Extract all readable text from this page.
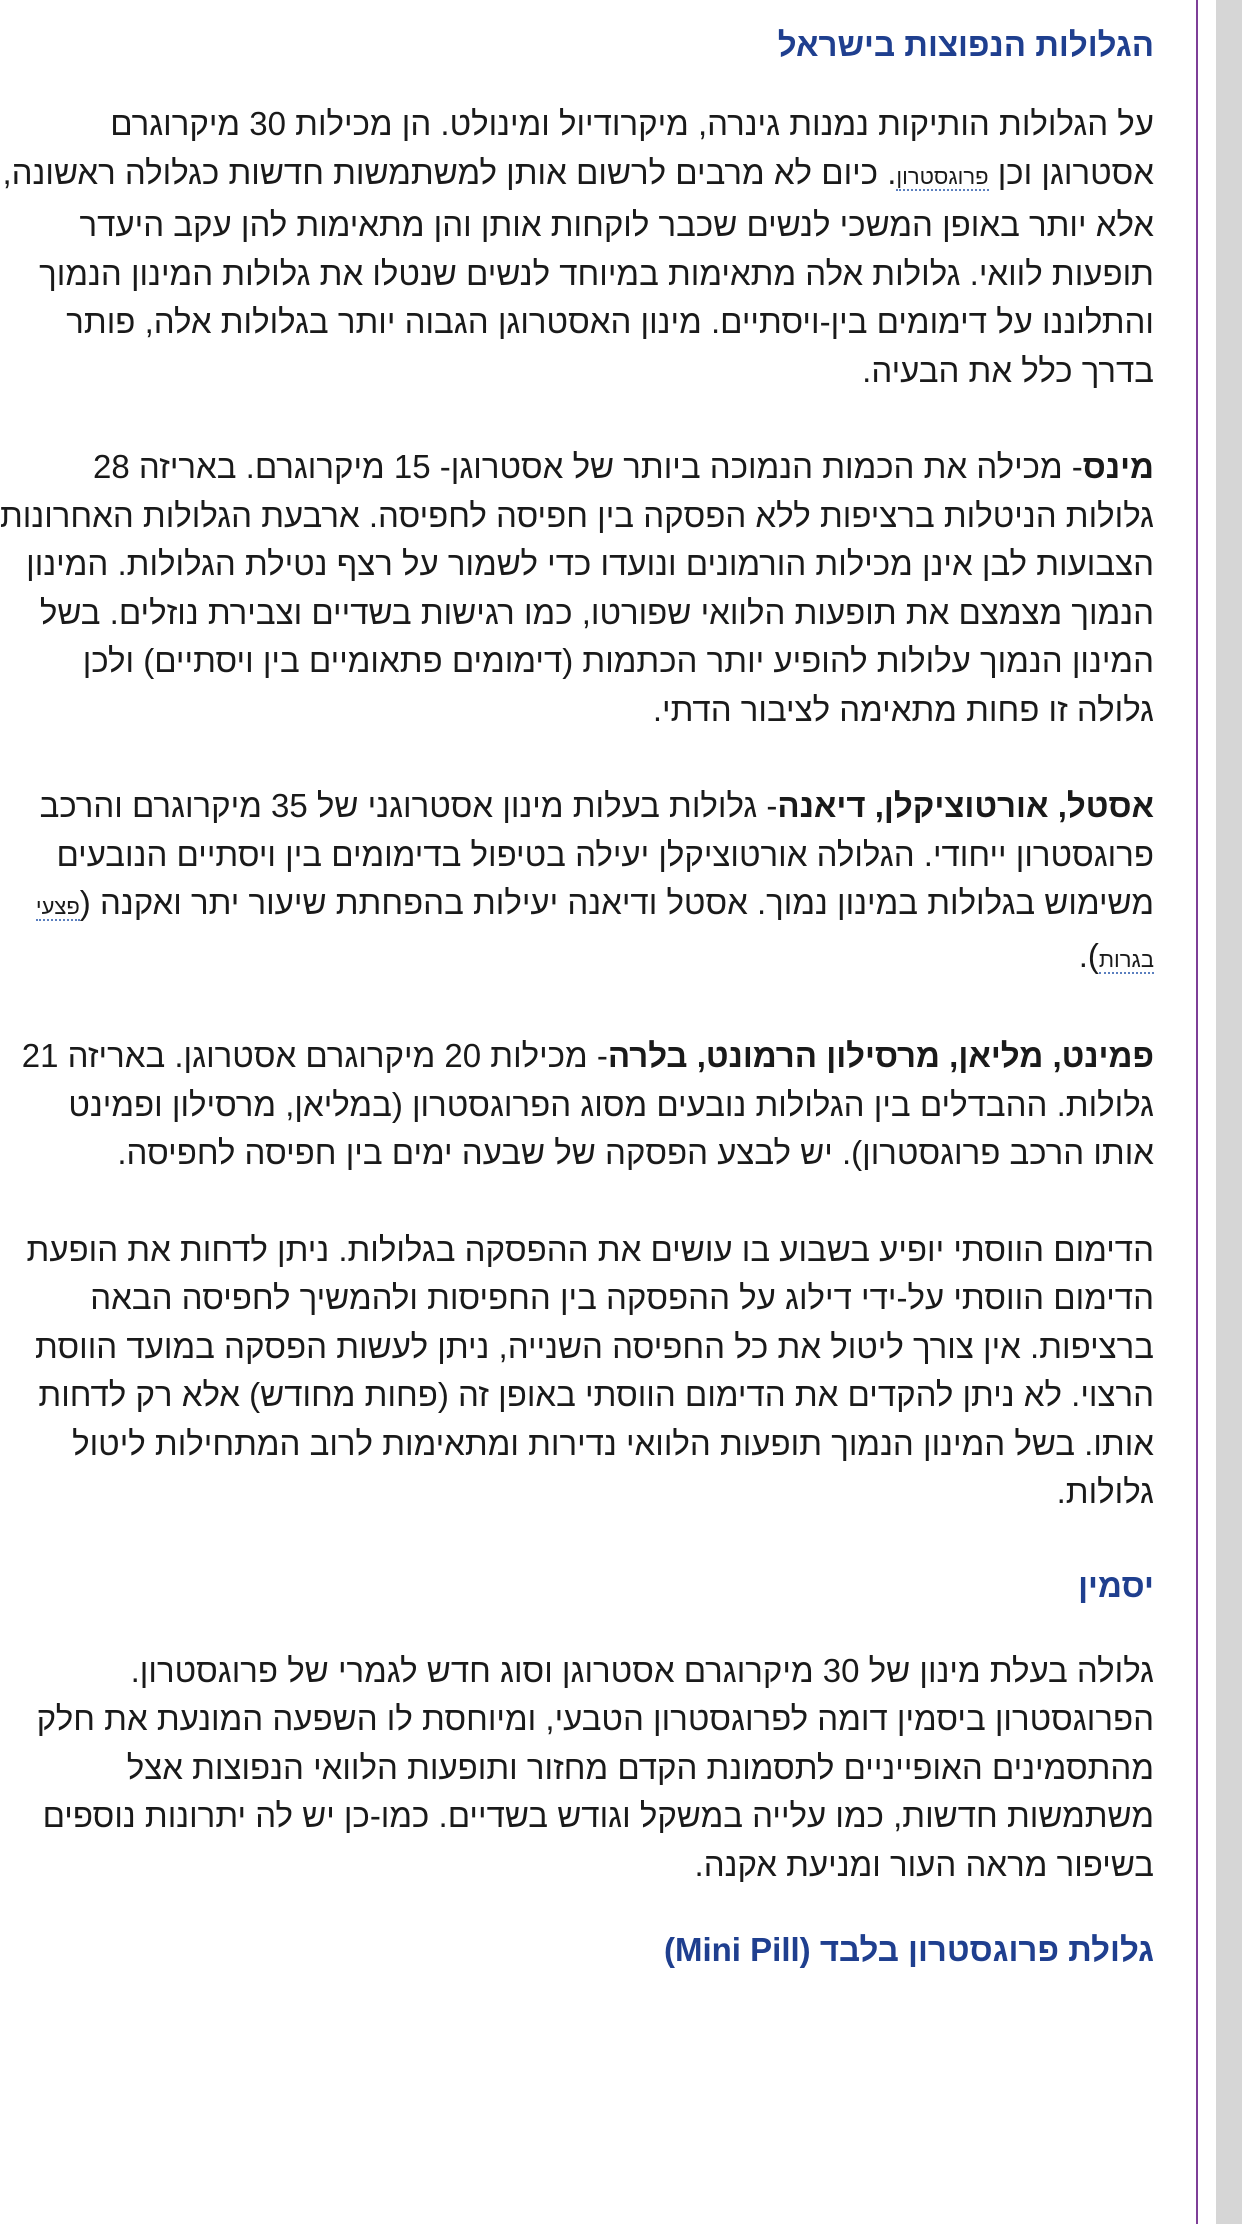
הגלולות הנפוצות בישראל

על הגלולות הותיקות נמנות גינרה, מיקרודיול ומינולט. הן מכילות 30 מיקרוגרם אסטרוגן וכן פרוגסטרון. כיום לא מרבים לרשום אותן למשתמשות חדשות כגלולה ראשונה, אלא יותר באופן המשכי לנשים שכבר לוקחות אותן והן מתאימות להן עקב היעדר תופעות לוואי. גלולות אלה מתאימות במיוחד לנשים שנטלו את גלולות המינון הנמוך והתלוננו על דימומים בין-ויסתיים. מינון האסטרוגן הגבוה יותר בגלולות אלה, פותר בדרך כלל את הבעיה.

מינס- מכילה את הכמות הנמוכה ביותר של אסטרוגן- 15 מיקרוגרם. באריזה 28 גלולות הניטלות ברציפות ללא הפסקה בין חפיסה לחפיסה. ארבעת הגלולות האחרונות הצבועות לבן אינן מכילות הורמונים ונועדו כדי לשמור על רצף נטילת הגלולות. המינון הנמוך מצמצם את תופעות הלוואי שפורטו, כמו רגישות בשדיים וצבירת נוזלים. בשל המינון הנמוך עלולות להופיע יותר הכתמות (דימומים פתאומיים בין ויסתיים) ולכן גלולה זו פחות מתאימה לציבור הדתי.

אסטל, אורטוציקלן, דיאנה- גלולות בעלות מינון אסטרוגני של 35 מיקרוגרם והרכב פרוגסטרון ייחודי. הגלולה אורטוציקלן יעילה בטיפול בדימומים בין ויסתיים הנובעים משימוש בגלולות במינון נמוך. אסטל ודיאנה יעילות בהפחתת שיעור יתר ואקנה (פצעי בגרות).

פמינט, מליאן, מרסילון הרמונט, בלרה- מכילות 20 מיקרוגרם אסטרוגן. באריזה 21 גלולות. ההבדלים בין הגלולות נובעים מסוג הפרוגסטרון (במליאן, מרסילון ופמינט אותו הרכב פרוגסטרון). יש לבצע הפסקה של שבעה ימים בין חפיסה לחפיסה.

הדימום הווסתי יופיע בשבוע בו עושים את ההפסקה בגלולות. ניתן לדחות את הופעת הדימום הווסתי על-ידי דילוג על ההפסקה בין החפיסות ולהמשיך לחפיסה הבאה ברציפות. אין צורך ליטול את כל החפיסה השנייה, ניתן לעשות הפסקה במועד הווסת הרצוי. לא ניתן להקדים את הדימום הווסתי באופן זה (פחות מחודש) אלא רק לדחות אותו. בשל המינון הנמוך תופעות הלוואי נדירות ומתאימות לרוב המתחילות ליטול גלולות.

יסמין

גלולה בעלת מינון של 30 מיקרוגרם אסטרוגן וסוג חדש לגמרי של פרוגסטרון. הפרוגסטרון ביסמין דומה לפרוגסטרון הטבעי, ומיוחסת לו השפעה המונעת את חלק מהתסמינים האופייניים לתסמונת הקדם מחזור ותופעות הלוואי הנפוצות אצל משתמשות חדשות, כמו עלייה במשקל וגודש בשדיים. כמו-כן יש לה יתרונות נוספים בשיפור מראה העור ומניעת אקנה.

גלולת פרוגסטרון בלבד (Mini Pill)
